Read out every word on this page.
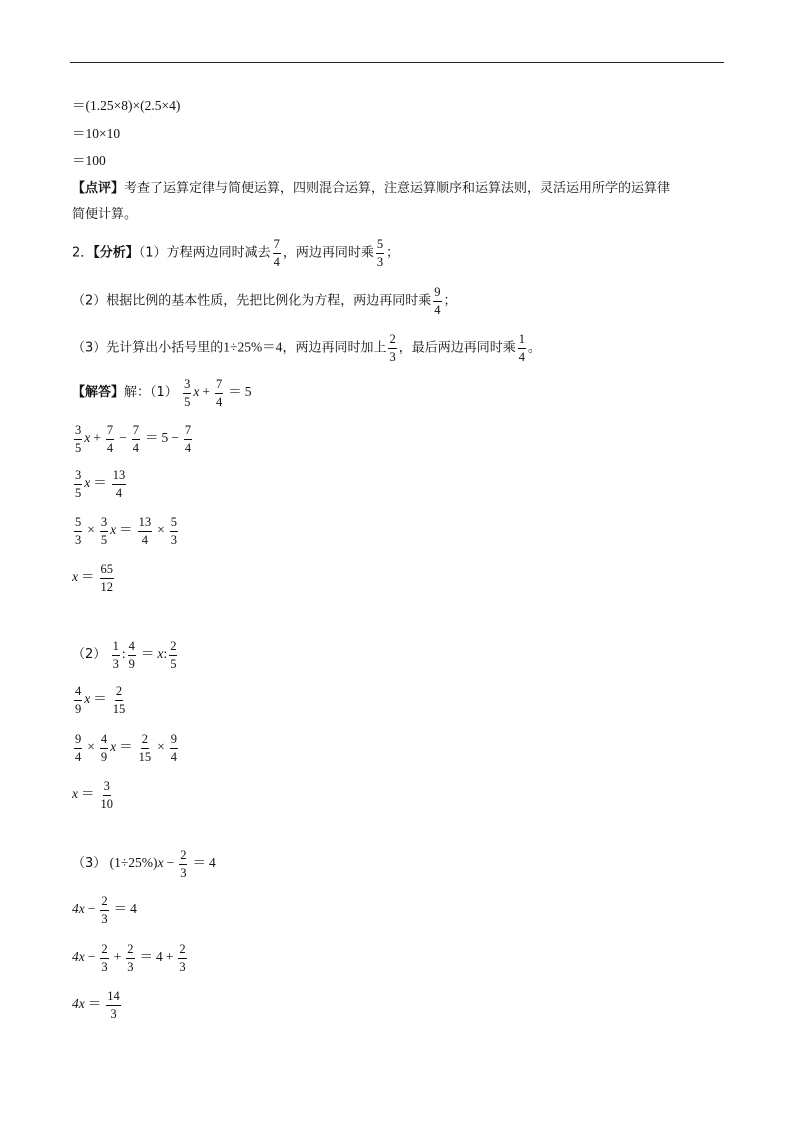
＝(1.25×8)×(2.5×4)
＝10×10
＝100
【点评】考查了运算定律与简便运算，四则混合运算，注意运算顺序和运算法则，灵活运用所学的运算律
简便计算。
2．【分析】（1）方程两边同时减去 $\frac{7}{4}$ ，两边再同时乘 $\frac{5}{3}$ ；
（2）根据比例的基本性质，先把比例化为方程，两边再同时乘 $\frac{9}{4}$ ；
（3）先计算出小括号里的1÷25%＝4，两边再同时加上 $\frac{2}{3}$ ，最后两边再同时乘 $\frac{1}{4}$ 。
【解答】解：$(1) \frac{3}{5}$ $x + \frac{7}{4} = 5$
$\frac{3}{5}$ $x + \frac{7}{4} - \frac{7}{4} = 5 - \frac{7}{4}$
$\frac{3}{5}$ $x = \frac{13}{4}$
$\frac{5}{3} \times \frac{3}{5}$ $x = \frac{13}{4} \times \frac{5}{3}$
$x = \frac{65}{12}$
$(2) \frac{1}{3}$ : $\frac{4}{9} = x$: $\frac{2}{5}$
$\frac{4}{9}$ $x = \frac{2}{15}$
$\frac{9}{4} \times \frac{4}{9}$ $x = \frac{2}{15} \times \frac{9}{4}$
$x = \frac{3}{10}$
（3） $(1\div 25\%)x - \frac{2}{3} = 4$
$4x - \frac{2}{3} = 4$
$4x - \frac{2}{3} + \frac{2}{3} = 4 + \frac{2}{3}$
$4x = \frac{14}{3}$
